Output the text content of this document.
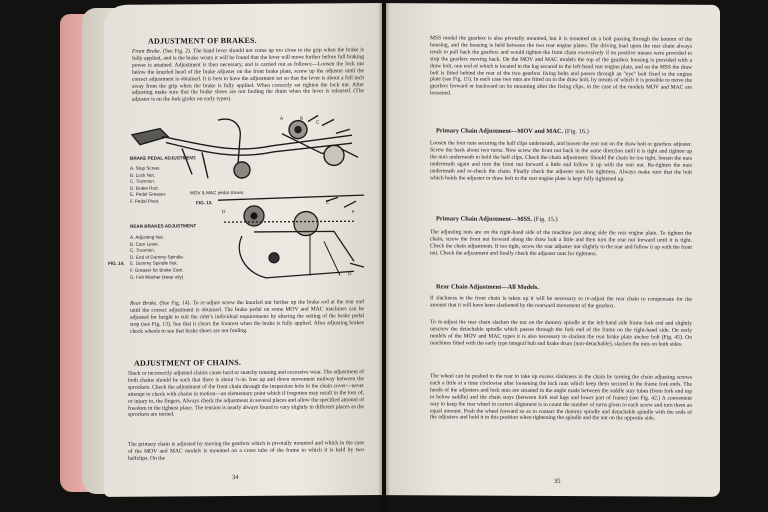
ADJUSTMENT OF BRAKES.
Front Brake. (See Fig. 2). The hand lever should not come up too close to the grip when the brake is fully applied, and is the brake wears it will be found that the lever will move further before full braking power is attained. Adjustment is then necessary, and is carried out as follows:—Loosen the lock nut below the knurled head of the brake adjuster on the front brake plate, screw up the adjuster until the correct adjustment is obtained. It is best to have the adjustment set so that the lever is about a full inch away from the grip when the brake is fully applied. When correctly set tighten the lock nut. After adjusting make sure that the brake shoes are not fouling the drum when the lever is released. (The adjuster is on the fork girder on early types).
BRAKE PEDAL ADJUSTMENT.
A. Stop Screw.
B. Lock Nut.
C. Trunnion.
D. Brake Rod.
E. Pedal Greaser.
F. Pedal Pivot.
MOV & MAC pedal shown.
FIG. 13.
REAR BRAKES ADJUSTMENT
FIG. 14.
A. Adjusting Nut.
B. Cam Lever.
C. Trunnion.
D. End of Dummy Spindle.
E. Dummy Spindle Nut.
F. Greaser for Brake Cam.
G. Felt Washer (keep oily)
A	B
C
D
E
F
G
Rear Brake. (See Fig. 14). To re-adjust screw the knurled nut further up the brake rod at the rear end until the correct adjustment is obtained. The brake pedal on some MOV and MAC machines can be adjusted for height to suit the rider's individual requirements by altering the setting of the brake pedal stop (see Fig. 13). See that it clears the footrest when the brake is fully applied. After adjusting brakes check wheels to see that brake shoes are not fouling.
ADJUSTMENT OF CHAINS.
Slack or incorrectly adjusted chains cause hard or snatchy running and excessive wear. The adjustment of both chains should be such that there is about ½-in. free up and down movement midway between the sprockets. Check the adjustment of the front chain through the inspection hole in the chain cover—never attempt to check with chains in motion—an elementary point which if forgotten may result in the loss of, or injury to, the fingers. Always check the adjustment in several places and allow the specified amount of freedom in the tightest place. The tension is nearly always found to vary slightly in different places as the sprockets are turned.
The primary chain is adjusted by moving the gearbox which is pivotally mounted and which in the case of the MOV and MAC models is mounted on a cross tube of the frame to which it is held by two halfclips. On the
34
MSS model the gearbox is also pivotally mounted, but it is mounted on a bolt passing through the bottom of the housing, and the housing is held between the two rear engine plates. The driving load upon the rear chain always tends to pull back the gearbox and would tighten the front chain excessively if no positive means were provided to stop the gearbox moving back. On the MOV and MAC models the top of the gearbox housing is provided with a draw bolt, one end of which is located in the lug secured to the left-hand rear engine plate, and on the MSS the draw bolt is fitted behind the rear of the two gearbox fixing bolts and passes through an "eye" bolt fixed to the engine plate (see Fig. 15). In each case two nuts are fitted on to the draw bolt, by means of which it is possible to move the gearbox forward or backward on its mounting after the fixing clips, in the case of the models MOV and MAC are loosened.
Primary Chain Adjustment—MOV and MAC. (Fig. 16.)
Loosen the four nuts securing the half clips underneath, and loosen the rear nut on the draw bolt or gearbox adjuster. Screw the back about two turns. Now screw the front nut back in the same direction until it is tight and tighten up the nuts underneath to hold the half clips. Check the chain adjustment. Should the chain be too tight, loosen the nuts underneath again and turn the front nut forward a little and follow it up with the rear nut. Re-tighten the nuts underneath and re-check the chain. Finally check the adjuster nuts for tightness. Always make sure that the bolt which holds the adjuster or draw bolt to the rear engine plate is kept fully tightened up.
Primary Chain Adjustment—MSS. (Fig. 15.)
The adjusting nuts are on the right-hand side of the machine just along side the rear engine plate. To tighten the chain, screw the front nut forward along the draw bolt a little and then turn the rear nut forward until it is tight. Check the chain adjustment. If too tight, screw the rear adjuster nut slightly to the rear and follow it up with the front nut. Check the adjustment and finally check the adjuster nuts for tightness.
Rear Chain Adjustment—All Models.
If slackness in the front chain is taken up it will be necessary to re-adjust the rear chain to compensate for the amount that it will have been slackened by the rearward movement of the gearbox.
To re-adjust the rear chain slacken the nut on the dummy spindle at the left-hand side frame fork end and slightly unscrew the detachable spindle which passes through the fork end of the frame on the right-hand side. On early models of the MOV and MAC types it is also necessary to slacken the rear brake plate anchor bolt (Fig. 45). On machines fitted with the early type integral hub and brake drum (non-detachable), slacken the nuts on both sides.
The wheel can be pushed to the rear to take up excess slackness in the chain by turning the chain adjusting screws each a little at a time clockwise after loosening the lock nuts which keep them secured in the frame fork ends. The heads of the adjusters and lock nuts are situated in the angle made between the saddle stay tubes (from fork end top to below saddle) and the chain stays (between fork end lugs and lower part of frame) (see Fig. 42.) A convenient way to keep the rear wheel in correct alignment is to count the number of turns given to each screw and turn them an equal amount. Push the wheel forward so as to contact the dummy spindle and detachable spindle with the ends of the adjusters and hold it in this position when tightening the spindle and the nut on the opposite side.
35
